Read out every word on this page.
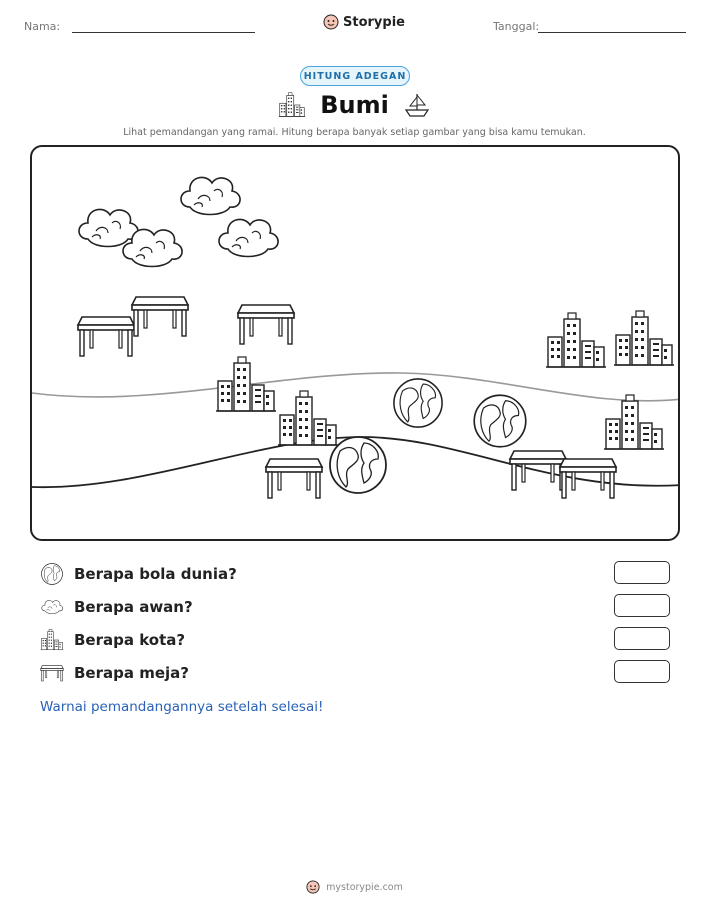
Nama:	Storypie	Tanggal:
HITUNG ADEGAN
Bumi
Lihat pemandangan yang ramai. Hitung berapa banyak setiap gambar yang bisa kamu temukan.
Berapa bola dunia?
Berapa awan?
Berapa kota?
Berapa meja?
Warnai pemandangannya setelah selesai!
mystorypie.com
